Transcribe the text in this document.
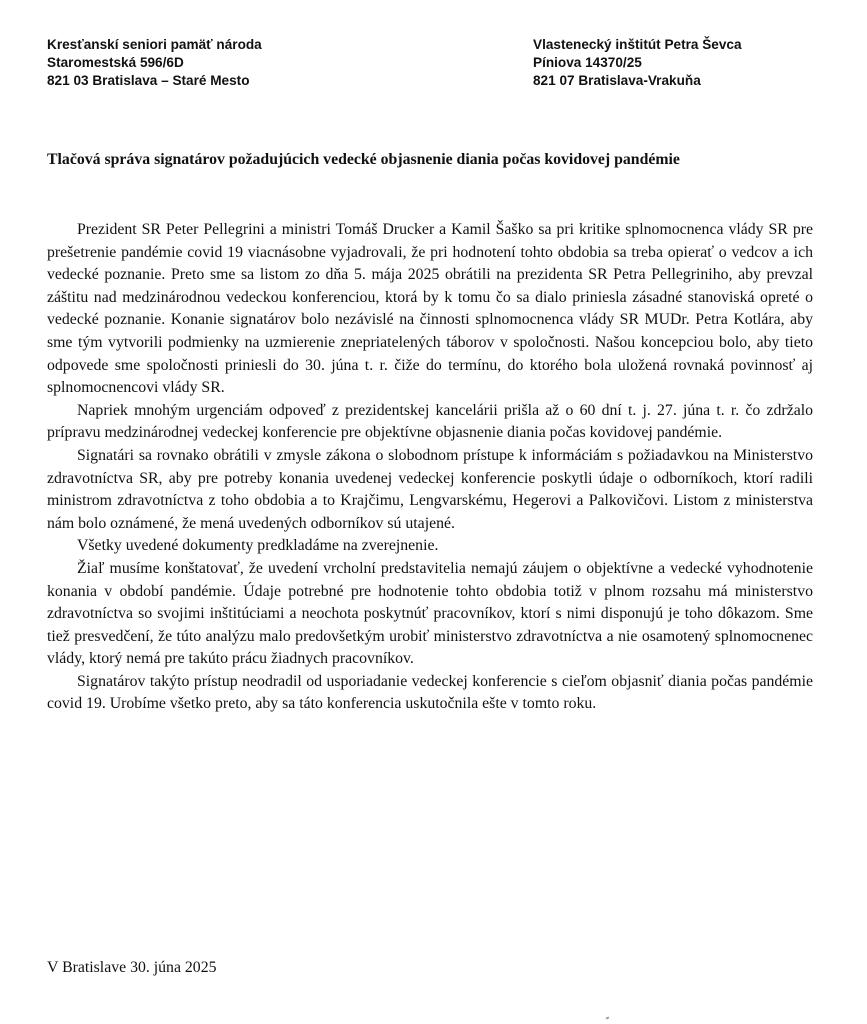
Kresťanskí seniori pamäť národa
Staromestská 596/6D
821 03 Bratislava – Staré Mesto
Vlastenecký inštitút Petra Ševca
Píniova 14370/25
821 07 Bratislava-Vrakuňa
Tlačová správa signatárov požadujúcich vedecké objasnenie diania počas kovidovej pandémie

Prezident SR Peter Pellegrini a ministri Tomáš Drucker a Kamil Šaško sa pri kritike splnomocnenca vlády SR pre prešetrenie pandémie covid 19 viacnásobne vyjadrovali, že pri hodnotení tohto obdobia sa treba opierať o vedcov a ich vedecké poznanie. Preto sme sa listom zo dňa 5. mája 2025 obrátili na prezidenta SR Petra Pellegriniho, aby prevzal záštitu nad medzinárodnou vedeckou konferenciou, ktorá by k tomu čo sa dialo priniesla zásadné stanoviská opreté o vedecké poznanie. Konanie signatárov bolo nezávislé na činnosti splnomocnenca vlády SR MUDr. Petra Kotlára, aby sme tým vytvorili podmienky na uzmierenie znepriatelených táborov v spoločnosti. Našou koncepciou bolo, aby tieto odpovede sme spoločnosti priniesli do 30. júna t. r. čiže do termínu, do ktorého bola uložená rovnaká povinnosť aj splnomocnencovi vlády SR.

Napriek mnohým urgenciám odpoveď z prezidentskej kancelárii prišla až o 60 dní t. j. 27. júna t. r. čo zdržalo prípravu medzinárodnej vedeckej konferencie pre objektívne objasnenie diania počas kovidovej pandémie.

Signatári sa rovnako obrátili v zmysle zákona o slobodnom prístupe k informáciám s požiadavkou na Ministerstvo zdravotníctva SR, aby pre potreby konania uvedenej vedeckej konferencie poskytli údaje o odborníkoch, ktorí radili ministrom zdravotníctva z toho obdobia a to Krajčimu, Lengvarskému, Hegerovi a Palkovičovi. Listom z ministerstva nám bolo oznámené, že mená uvedených odborníkov sú utajené.

Všetky uvedené dokumenty predkladáme na zverejnenie.

Žiaľ musíme konštatovať, že uvedení vrcholní predstavitelia nemajú záujem o objektívne a vedecké vyhodnotenie konania v období pandémie. Údaje potrebné pre hodnotenie tohto obdobia totiž v plnom rozsahu má ministerstvo zdravotníctva so svojimi inštitúciami a neochota poskytnúť pracovníkov, ktorí s nimi disponujú je toho dôkazom. Sme tiež presvedčení, že túto analýzu malo predovšetkým urobiť ministerstvo zdravotníctva a nie osamotený splnomocnenec vlády, ktorý nemá pre takúto prácu žiadnych pracovníkov.

Signatárov takýto prístup neodradil od usporiadanie vedeckej konferencie s cieľom objasniť diania počas pandémie covid 19. Urobíme všetko preto, aby sa táto konferencia uskutočnila ešte v tomto roku.

V Bratislave 30. júna 2025
